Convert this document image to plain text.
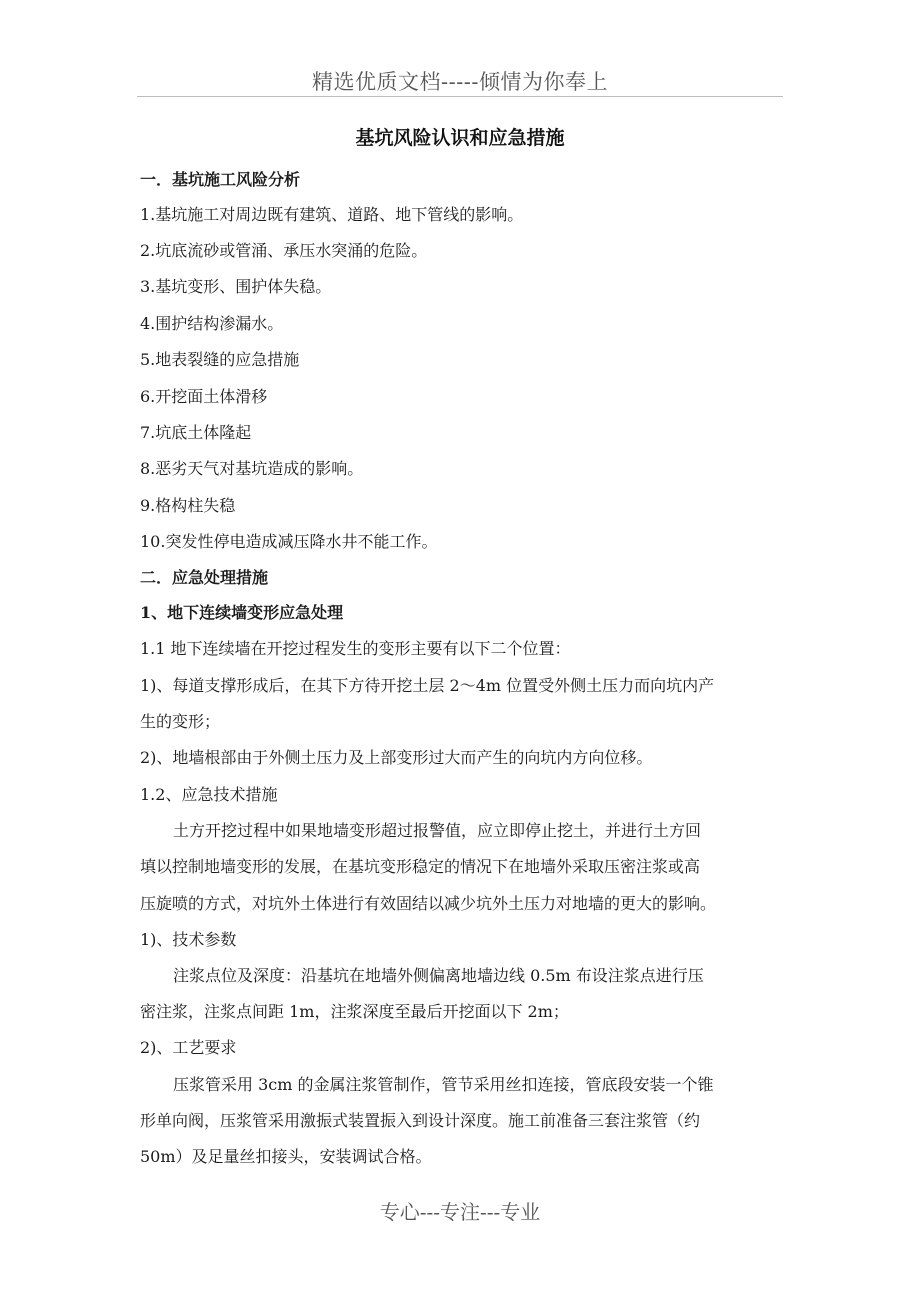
精选优质文档-----倾情为你奉上
基坑风险认识和应急措施
一．基坑施工风险分析
1.基坑施工对周边既有建筑、道路、地下管线的影响。
2.坑底流砂或管涌、承压水突涌的危险。
3.基坑变形、围护体失稳。
4.围护结构渗漏水。
5.地表裂缝的应急措施
6.开挖面土体滑移
7.坑底土体隆起
8.恶劣天气对基坑造成的影响。
9.格构柱失稳
10.突发性停电造成减压降水井不能工作。
二．应急处理措施
1、地下连续墙变形应急处理
1.1 地下连续墙在开挖过程发生的变形主要有以下二个位置：
1)、每道支撑形成后，在其下方待开挖土层 2～4m 位置受外侧土压力而向坑内产
生的变形；
2)、地墙根部由于外侧土压力及上部变形过大而产生的向坑内方向位移。
1.2、应急技术措施
土方开挖过程中如果地墙变形超过报警值，应立即停止挖土，并进行土方回
填以控制地墙变形的发展，在基坑变形稳定的情况下在地墙外采取压密注浆或高
压旋喷的方式，对坑外土体进行有效固结以减少坑外土压力对地墙的更大的影响。
1)、技术参数
注浆点位及深度：沿基坑在地墙外侧偏离地墙边线 0.5m 布设注浆点进行压
密注浆，注浆点间距 1m，注浆深度至最后开挖面以下 2m；
2)、工艺要求
压浆管采用 3cm 的金属注浆管制作，管节采用丝扣连接，管底段安装一个锥
形单向阀，压浆管采用激振式装置振入到设计深度。施工前准备三套注浆管（约
50m）及足量丝扣接头，安装调试合格。
专心---专注---专业
